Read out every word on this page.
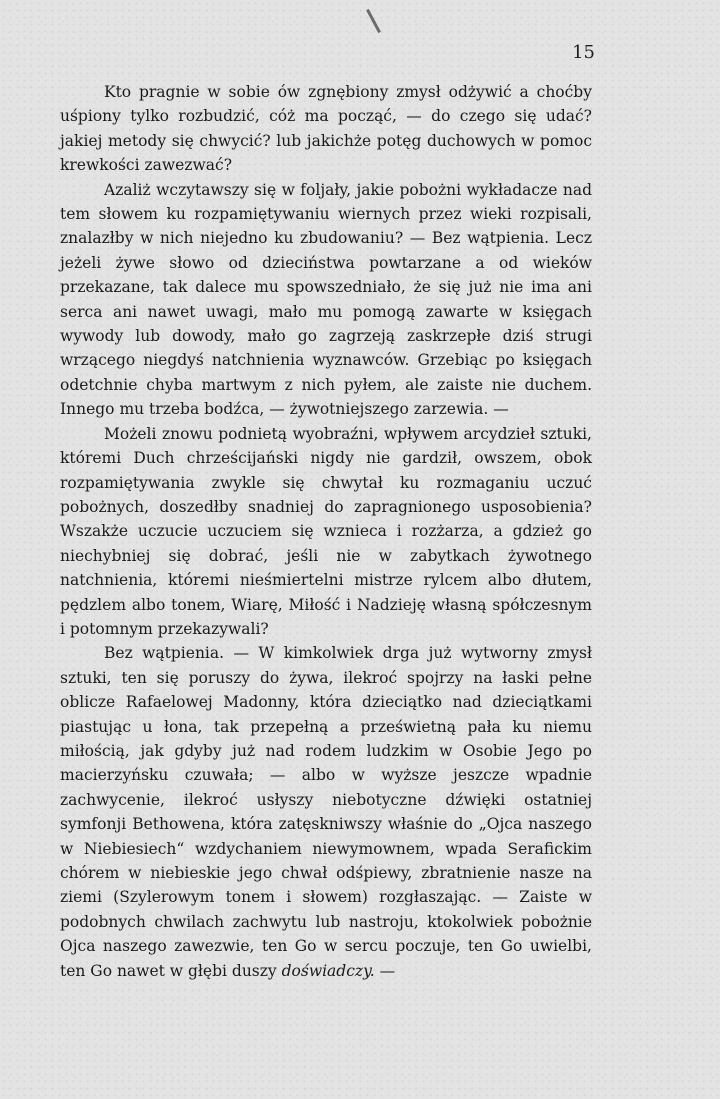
15

Kto pragnie w sobie ów zgnębiony zmysł odżywić a choćby uśpiony tylko rozbudzić, cóż ma począć, — do czego się udać? jakiej metody się chwycić? lub jakichże potęg duchowych w pomoc krewkości zawezwać?

Azaliż wczytawszy się w foljały, jakie pobożni wykładacze nad tem słowem ku rozpamiętywaniu wiernych przez wieki rozpisali, znalazłby w nich niejedno ku zbudowaniu? — Bez wątpienia. Lecz jeżeli żywe słowo od dzieciństwa powtarzane a od wieków przekazane, tak dalece mu spowszedniało, że się już nie ima ani serca ani nawet uwagi, mało mu pomogą zawarte w księgach wywody lub dowody, mało go zagrzeją zaskrzepłe dziś strugi wrzącego niegdyś natchnienia wyznawców. Grzebiąc po księgach odetchnie chyba martwym z nich pyłem, ale zaiste nie duchem. Innego mu trzeba bodźca, — żywotniejszego zarzewia. —

Możeli znowu podnietą wyobraźni, wpływem arcydzieł sztuki, któremi Duch chrześcijański nigdy nie gardził, owszem, obok rozpamiętywania zwykle się chwytał ku rozmaganiu uczuć pobożnych, doszedłby snadniej do zapragnionego usposobienia? Wszakże uczucie uczuciem się wznieca i rozżarza, a gdzież go niechybniej się dobrać, jeśli nie w zabytkach żywotnego natchnienia, któremi nieśmiertelni mistrze rylcem albo dłutem, pędzlem albo tonem, Wiarę, Miłość i Nadzieję własną spółczesnym i potomnym przekazywali?

Bez wątpienia. — W kimkolwiek drga już wytworny zmysł sztuki, ten się poruszy do żywa, ilekroć spojrzy na łaski pełne oblicze Rafaelowej Madonny, która dzieciątko nad dzieciątkami piastując u łona, tak przepełną a prześwietną pała ku niemu miłością, jak gdyby już nad rodem ludzkim w Osobie Jego po macierzyńsku czuwała; — albo w wyższe jeszcze wpadnie zachwycenie, ilekroć usłyszy niebotyczne dźwięki ostatniej symfonji Bethowena, która zatęskniwszy właśnie do „Ojca naszego w Niebiesiech“ wzdychaniem niewymownem, wpada Serafickim chórem w niebieskie jego chwał odśpiewy, zbratnienie nasze na ziemi (Szylerowym tonem i słowem) rozgłaszając. — Zaiste w podobnych chwilach zachwytu lub nastroju, ktokolwiek pobożnie Ojca naszego zawezwie, ten Go w sercu poczuje, ten Go uwielbi, ten Go nawet w głębi duszy doświadczy. —
